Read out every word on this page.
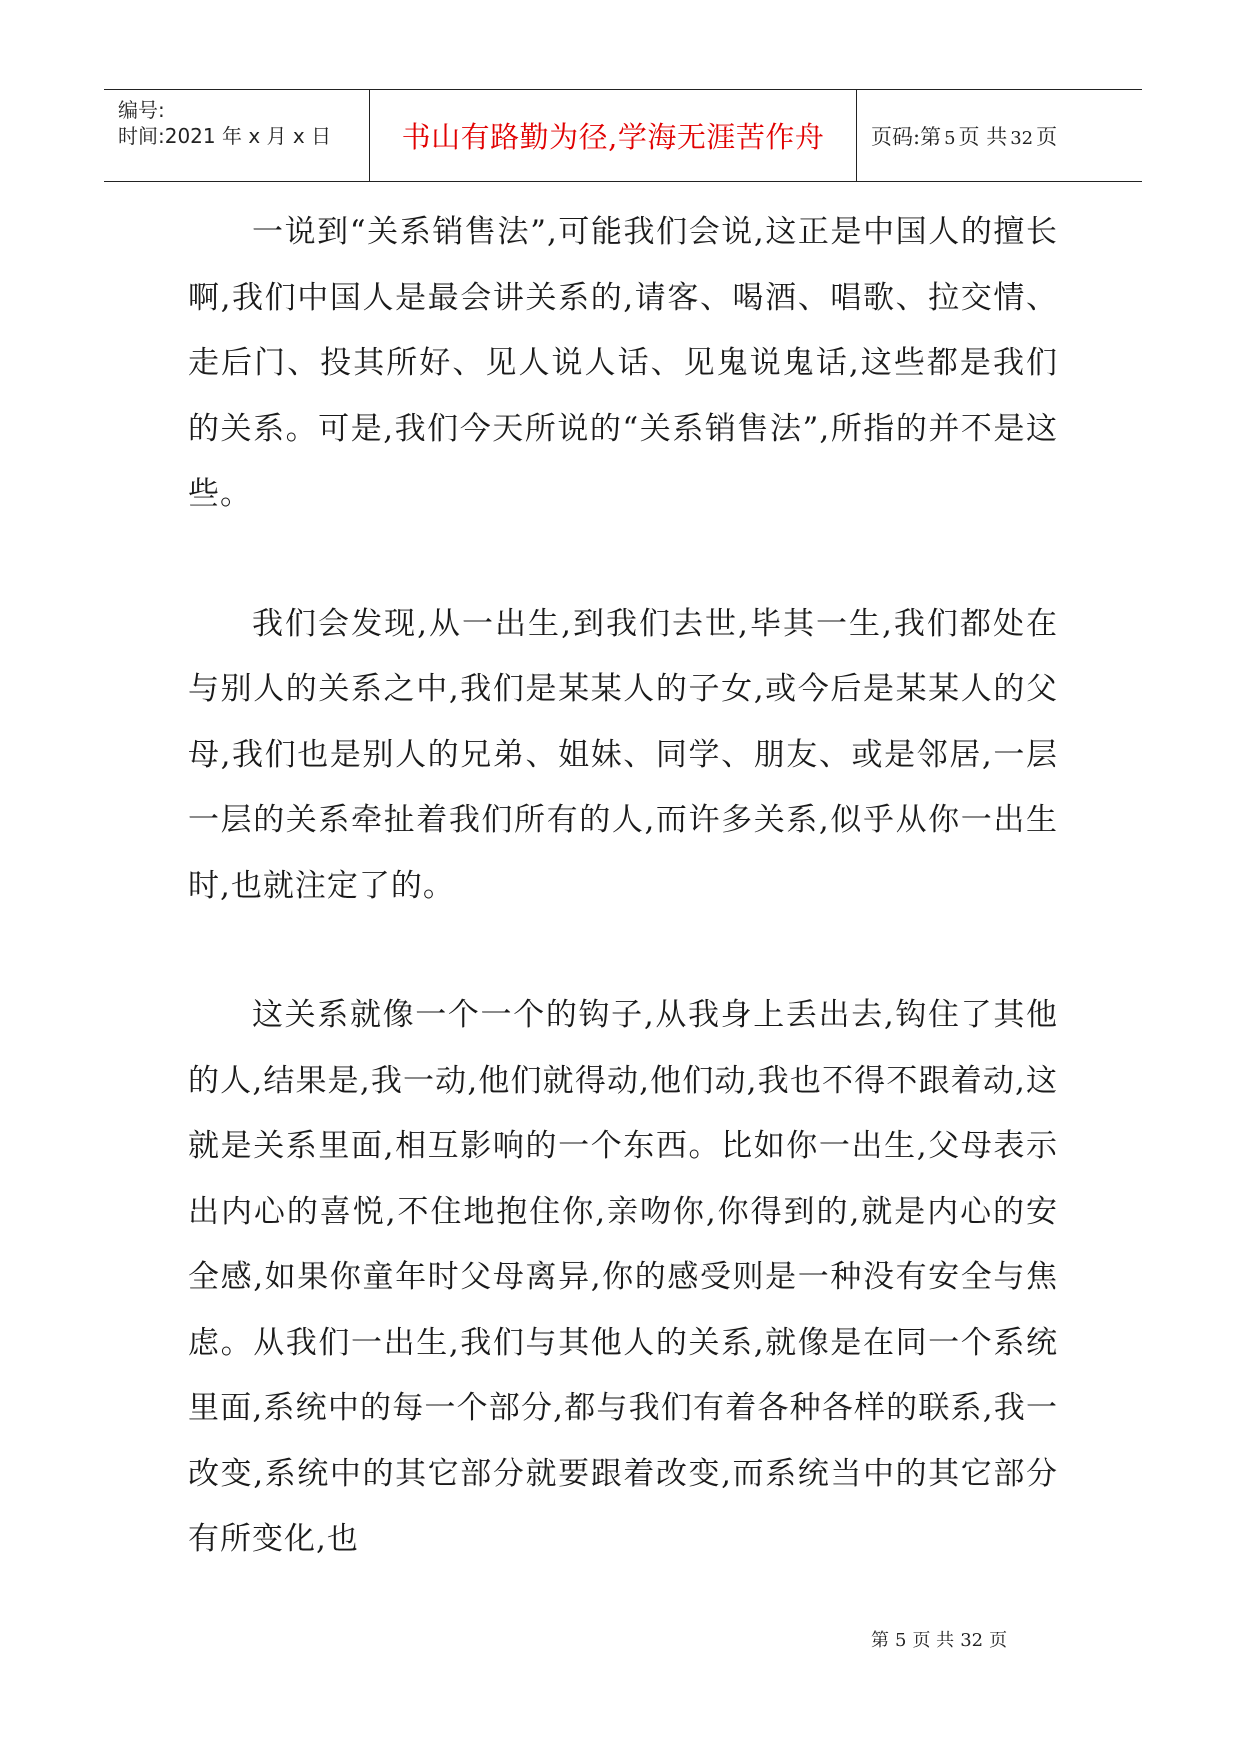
编号:
时间:2021 年 x 月 x 日 书山有路勤为径,学海无涯苦作舟 页码:第 5 页 共 32 页

一说到“关系销售法”,可能我们会说,这正是中国人的擅长啊,我们中国人是最会讲关系的,请客、喝酒、唱歌、拉交情、走后门、投其所好、见人说人话、见鬼说鬼话,这些都是我们的关系。可是,我们今天所说的“关系销售法”,所指的并不是这些。

我们会发现,从一出生,到我们去世,毕其一生,我们都处在与别人的关系之中,我们是某某人的子女,或今后是某某人的父母,我们也是别人的兄弟、姐妹、同学、朋友、或是邻居,一层一层的关系牵扯着我们所有的人,而许多关系,似乎从你一出生时,也就注定了的。

这关系就像一个一个的钩子,从我身上丢出去,钩住了其他的人,结果是,我一动,他们就得动,他们动,我也不得不跟着动,这就是关系里面,相互影响的一个东西。比如你一出生,父母表示出内心的喜悦,不住地抱住你,亲吻你,你得到的,就是内心的安全感,如果你童年时父母离异,你的感受则是一种没有安全与焦虑。从我们一出生,我们与其他人的关系,就像是在同一个系统里面,系统中的每一个部分,都与我们有着各种各样的联系,我一改变,系统中的其它部分就要跟着改变,而系统当中的其它部分有所变化,也

第 5 页 共 32 页
